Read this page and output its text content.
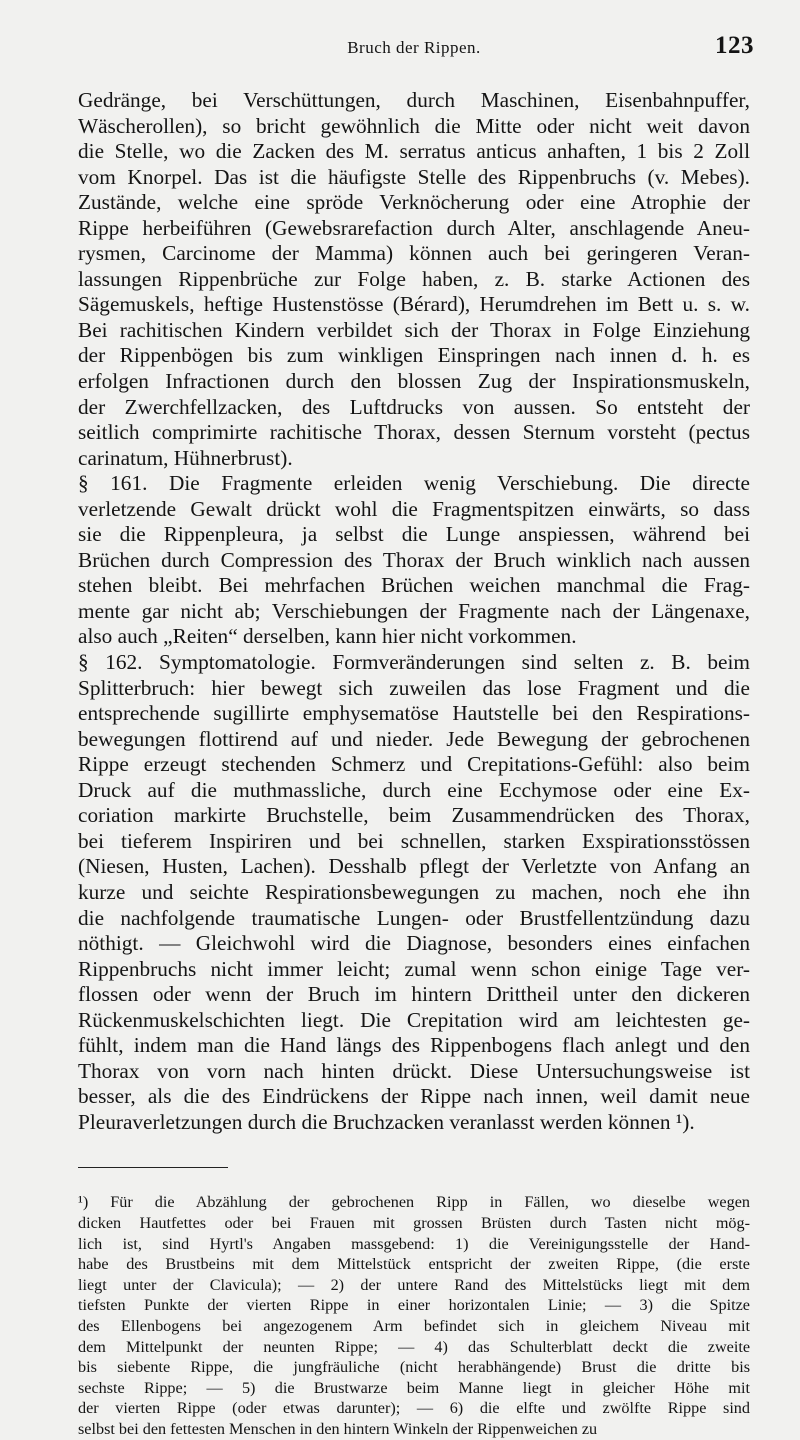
Bruch der Rippen.	123
Gedränge, bei Verschüttungen, durch Maschinen, Eisenbahnpuffer,
Wäscherollen), so bricht gewöhnlich die Mitte oder nicht weit davon
die Stelle, wo die Zacken des M. serratus anticus anhaften, 1 bis 2 Zoll
vom Knorpel. Das ist die häufigste Stelle des Rippenbruchs (v. Mebes).
Zustände, welche eine spröde Verknöcherung oder eine Atrophie der
Rippe herbeiführen (Gewebsrarefaction durch Alter, anschlagende Aneu-
rysmen, Carcinome der Mamma) können auch bei geringeren Veran-
lassungen Rippenbrüche zur Folge haben, z. B. starke Actionen des
Sägemuskels, heftige Hustenstösse (Bérard), Herumdrehen im Bett u. s. w.
Bei rachitischen Kindern verbildet sich der Thorax in Folge Einziehung
der Rippenbögen bis zum winkligen Einspringen nach innen d. h. es
erfolgen Infractionen durch den blossen Zug der Inspirationsmuskeln,
der Zwerchfellzacken, des Luftdrucks von aussen. So entsteht der
seitlich comprimirte rachitische Thorax, dessen Sternum vorsteht (pectus
carinatum, Hühnerbrust).
§ 161. Die Fragmente erleiden wenig Verschiebung. Die directe
verletzende Gewalt drückt wohl die Fragmentspitzen einwärts, so dass
sie die Rippenpleura, ja selbst die Lunge anspiessen, während bei
Brüchen durch Compression des Thorax der Bruch winklich nach aussen
stehen bleibt. Bei mehrfachen Brüchen weichen manchmal die Frag-
mente gar nicht ab; Verschiebungen der Fragmente nach der Längenaxe,
also auch „Reiten“ derselben, kann hier nicht vorkommen.
§ 162. Symptomatologie. Formveränderungen sind selten z. B. beim
Splitterbruch: hier bewegt sich zuweilen das lose Fragment und die
entsprechende sugillirte emphysematöse Hautstelle bei den Respirations-
bewegungen flottirend auf und nieder. Jede Bewegung der gebrochenen
Rippe erzeugt stechenden Schmerz und Crepitations-Gefühl: also beim
Druck auf die muthmassliche, durch eine Ecchymose oder eine Ex-
coriation markirte Bruchstelle, beim Zusammendrücken des Thorax,
bei tieferem Inspiriren und bei schnellen, starken Exspirationsstössen
(Niesen, Husten, Lachen). Desshalb pflegt der Verletzte von Anfang an
kurze und seichte Respirationsbewegungen zu machen, noch ehe ihn
die nachfolgende traumatische Lungen- oder Brustfellentzündung dazu
nöthigt. — Gleichwohl wird die Diagnose, besonders eines einfachen
Rippenbruchs nicht immer leicht; zumal wenn schon einige Tage ver-
flossen oder wenn der Bruch im hintern Drittheil unter den dickeren
Rückenmuskelschichten liegt. Die Crepitation wird am leichtesten ge-
fühlt, indem man die Hand längs des Rippenbogens flach anlegt und den
Thorax von vorn nach hinten drückt. Diese Untersuchungsweise ist
besser, als die des Eindrückens der Rippe nach innen, weil damit neue
Pleuraverletzungen durch die Bruchzacken veranlasst werden können ¹).
¹) Für die Abzählung der gebrochenen Ripp in Fällen, wo dieselbe wegen
dicken Hautfettes oder bei Frauen mit grossen Brüsten durch Tasten nicht mög-
lich ist, sind Hyrtl's Angaben massgebend: 1) die Vereinigungsstelle der Hand-
habe des Brustbeins mit dem Mittelstück entspricht der zweiten Rippe, (die erste
liegt unter der Clavicula); — 2) der untere Rand des Mittelstücks liegt mit dem
tiefsten Punkte der vierten Rippe in einer horizontalen Linie; — 3) die Spitze
des Ellenbogens bei angezogenem Arm befindet sich in gleichem Niveau mit
dem Mittelpunkt der neunten Rippe; — 4) das Schulterblatt deckt die zweite
bis siebente Rippe, die jungfräuliche (nicht herabhängende) Brust die dritte bis
sechste Rippe; — 5) die Brustwarze beim Manne liegt in gleicher Höhe mit
der vierten Rippe (oder etwas darunter); — 6) die elfte und zwölfte Rippe sind
selbst bei den fettesten Menschen in den hintern Winkeln der Rippenweichen zu
